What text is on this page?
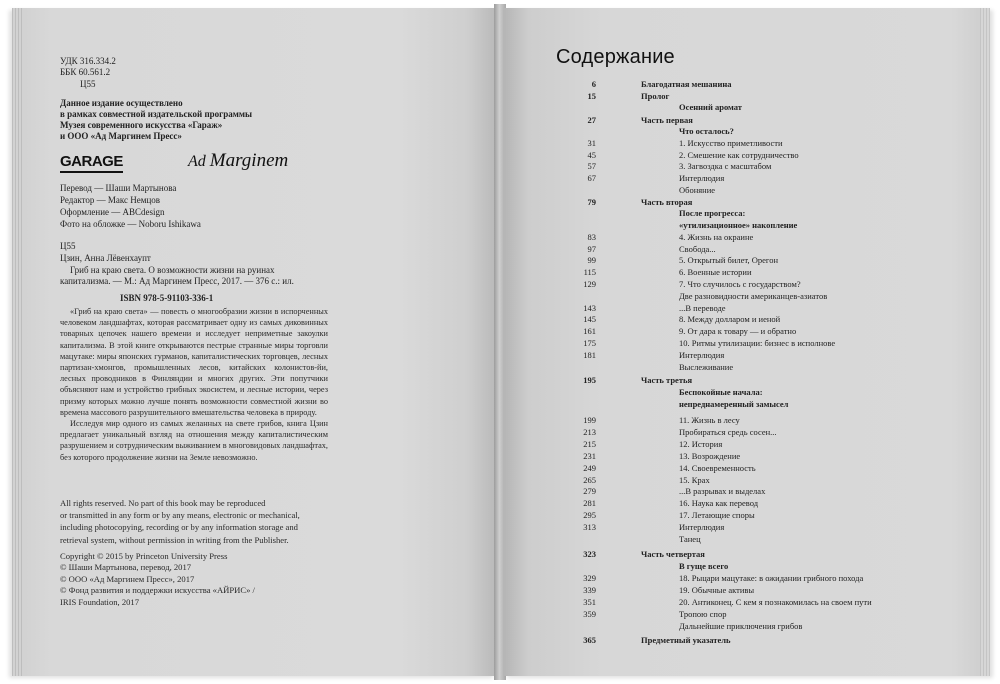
УДК 316.334.2
ББК 60.561.2
Ц55
Данное издание осуществлено
в рамках совместной издательской программы
Музея современного искусства «Гараж»
и ООО «Ад Маргинем Пресс»
GARAGE	Ad Marginem
Перевод — Шаши Мартынова
Редактор — Макс Немцов
Оформление — ABCdesign
Фото на обложке — Noboru Ishikawa
Ц55
Цзин, Анна Лёвенхаупт
Гриб на краю света. О возможности жизни на руинах
капитализма. — М.: Ад Маргинем Пресс, 2017. — 376 с.: ил.
ISBN 978-5-91103-336-1

«Гриб на краю света» — повесть о многообразии жизни в испорченных человеком ландшафтах, которая рассматривает одну из самых диковинных товарных цепочек нашего времени и исследует неприметные закоулки капитализма. В этой книге открываются пестрые странные миры торговли мацутаке: миры японских гурманов, капиталистических торговцев, лесных партизан-хмонгов, промышленных лесов, китайских колонистов-йи, лесных проводников в Финляндии и многих других. Эти попутчики объясняют нам и устройство грибных экосистем, и лесные истории, через призму которых можно лучше понять возможности совместной жизни во времена массового разрушительного вмешательства человека в природу.

Исследуя мир одного из самых желанных на свете грибов, книга Цзин предлагает уникальный взгляд на отношения между капиталистическим разрушением и сотрудническим выживанием в многовидовых ландшафтах, без которого продолжение жизни на Земле невозможно.

All rights reserved. No part of this book may be reproduced
or transmitted in any form or by any means, electronic or mechanical,
including photocopying, recording or by any information storage and
retrieval system, without permission in writing from the Publisher.
Copyright © 2015 by Princeton University Press
© Шаши Мартынова, перевод, 2017
© ООО «Ад Маргинем Пресс», 2017
© Фонд развития и поддержки искусства «АЙРИС» /
IRIS Foundation, 2017
Содержание
6	Благодатная мешанина
15	Пролог
Осенний аромат
27	Часть первая
Что осталось?
31	1. Искусство приметливости
45	2. Смешение как сотрудничество
57	3. Загвоздка с масштабом
67	Интерлюдия
Обоняние
79	Часть вторая
После прогресса:
«утилизационное» накопление
83	4. Жизнь на окраине
97	Свобода...
99	5. Открытый билет, Орегон
115	6. Военные истории
129	7. Что случилось с государством?
Две разновидности американцев-азиатов
143	...В переводе
145	8. Между долларом и иеной
161	9. От дара к товару — и обратно
175	10. Ритмы утилизации: бизнес в исполнове
181	Интерлюдия
Выслеживание
195	Часть третья
Беспокойные начала:
непреднамеренный замысел
199	11. Жизнь в лесу
213	Пробираться средь сосен...
215	12. История
231	13. Возрождение
249	14. Своевременность
265	15. Крах
279	...В разрывах и выделах
281	16. Наука как перевод
295	17. Летающие споры
313	Интерлюдия
Танец
323	Часть четвертая
В гуще всего
329	18. Рыцари мацутаке: в ожидании грибного похода
339	19. Обычные активы
351	20. Антиконец. С кем я познакомилась на своем пути
359	Тропою спор
Дальнейшие приключения грибов
365	Предметный указатель
